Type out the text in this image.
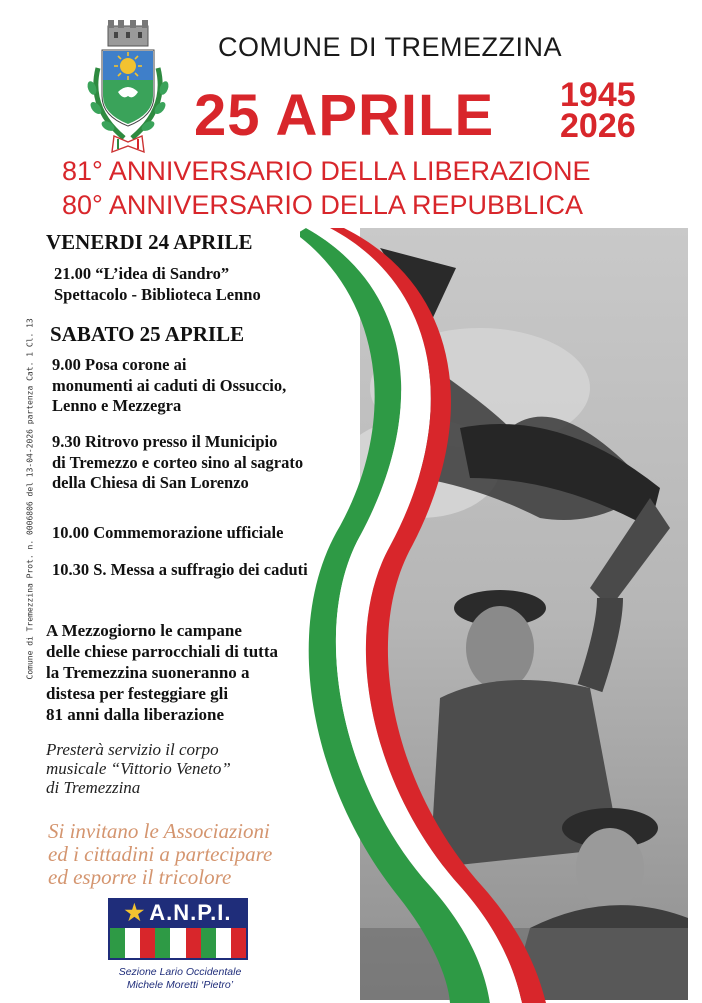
Comune di Tremezzina Prot. n. 0006806 del 13-04-2026 partenza Cat. 1 Cl. 13
COMUNE DI TREMEZZINA
25 APRILE 1945
2026
81° ANNIVERSARIO DELLA LIBERAZIONE
80° ANNIVERSARIO DELLA REPUBBLICA
VENERDI 24 APRILE
21.00 “L’idea di Sandro”
Spettacolo - Biblioteca Lenno
SABATO 25 APRILE
9.00 Posa corone ai
monumenti ai caduti di Ossuccio,
Lenno e Mezzegra
9.30 Ritrovo presso il Municipio
di Tremezzo e corteo sino al sagrato
della Chiesa di San Lorenzo
10.00 Commemorazione ufficiale
10.30 S. Messa a suffragio dei caduti
A Mezzogiorno le campane
delle chiese parrocchiali di tutta
la Tremezzina suoneranno a
distesa per festeggiare gli
81 anni dalla liberazione
Presterà servizio il corpo
musicale “Vittorio Veneto”
di Tremezzina
Si invitano le Associazioni
ed i cittadini a partecipare
ed esporre il tricolore
★ A.N.P.I.
Sezione Lario Occidentale
Michele Moretti ‘Pietro’
